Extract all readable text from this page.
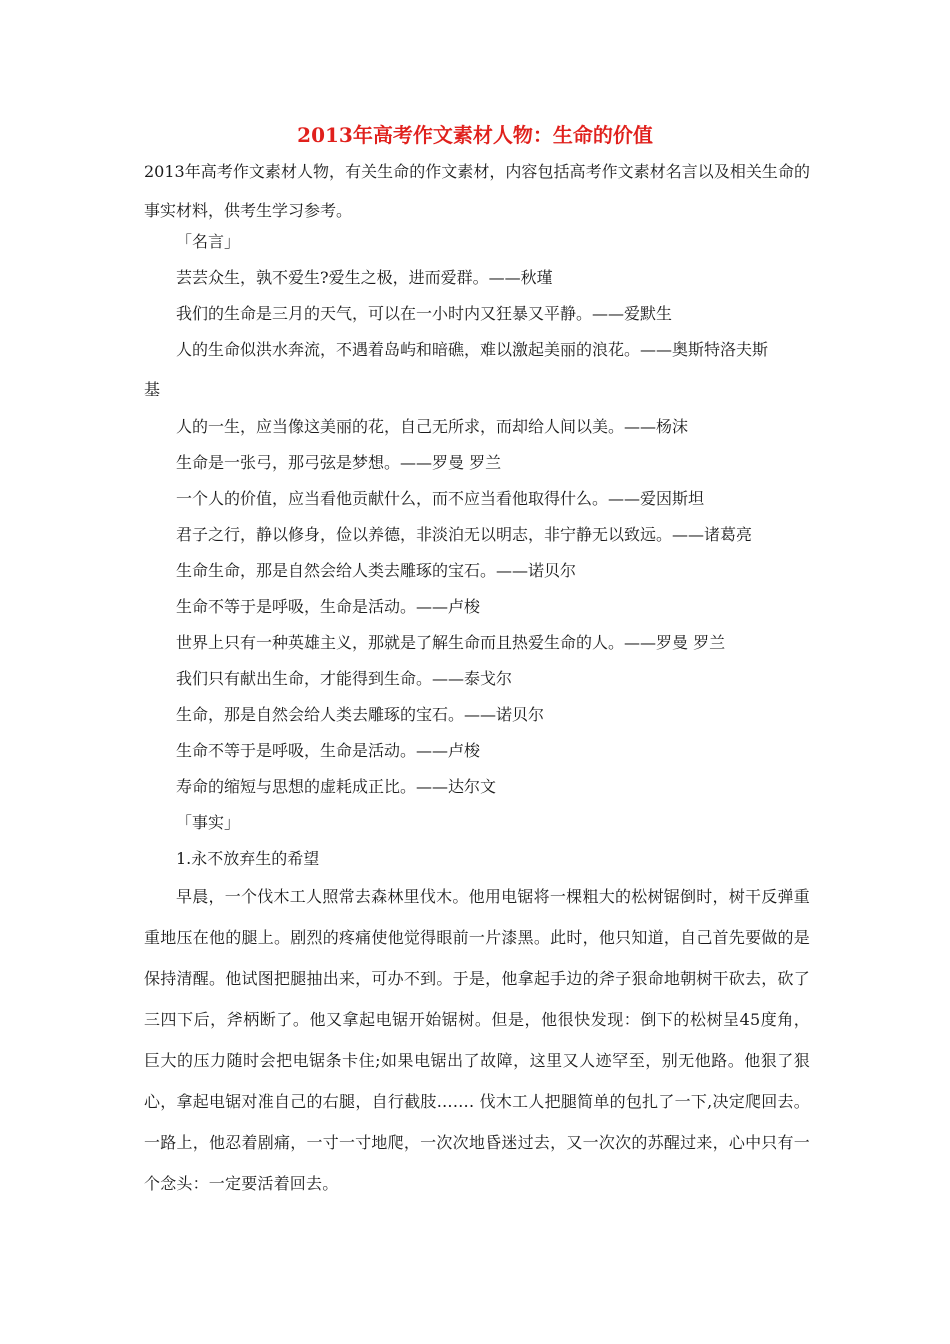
2013年高考作文素材人物：生命的价值

2013年高考作文素材人物，有关生命的作文素材，内容包括高考作文素材名言以及相关生命的事实材料，供考生学习参考。

「名言」

芸芸众生，孰不爱生?爱生之极，进而爱群。——秋瑾

我们的生命是三月的天气，可以在一小时内又狂暴又平静。——爱默生

人的生命似洪水奔流，不遇着岛屿和暗礁，难以激起美丽的浪花。——奥斯特洛夫斯

基

人的一生，应当像这美丽的花，自己无所求，而却给人间以美。——杨沫

生命是一张弓，那弓弦是梦想。——罗曼 罗兰

一个人的价值，应当看他贡献什么，而不应当看他取得什么。——爱因斯坦

君子之行，静以修身，俭以养德，非淡泊无以明志，非宁静无以致远。——诸葛亮

生命生命，那是自然会给人类去雕琢的宝石。——诺贝尔

生命不等于是呼吸，生命是活动。——卢梭

世界上只有一种英雄主义，那就是了解生命而且热爱生命的人。——罗曼 罗兰

我们只有献出生命，才能得到生命。——泰戈尔

生命，那是自然会给人类去雕琢的宝石。——诺贝尔

生命不等于是呼吸，生命是活动。——卢梭

寿命的缩短与思想的虚耗成正比。——达尔文

「事实」

1.永不放弃生的希望

早晨，一个伐木工人照常去森林里伐木。他用电锯将一棵粗大的松树锯倒时，树干反弹重重地压在他的腿上。剧烈的疼痛使他觉得眼前一片漆黑。此时，他只知道，自己首先要做的是保持清醒。他试图把腿抽出来，可办不到。于是，他拿起手边的斧子狠命地朝树干砍去，砍了三四下后，斧柄断了。他又拿起电锯开始锯树。但是，他很快发现：倒下的松树呈45度角，巨大的压力随时会把电锯条卡住;如果电锯出了故障，这里又人迹罕至，别无他路。他狠了狠心，拿起电锯对准自己的右腿，自行截肢……. 伐木工人把腿简单的包扎了一下,决定爬回去。一路上，他忍着剧痛，一寸一寸地爬，一次次地昏迷过去，又一次次的苏醒过来，心中只有一个念头：一定要活着回去。
